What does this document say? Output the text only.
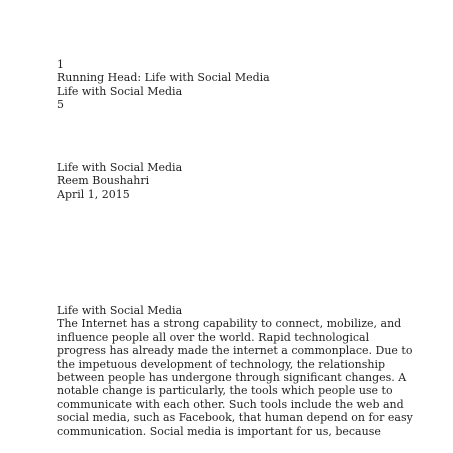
1
Running Head: Life with Social Media
Life with Social Media
5
Life with Social Media
Reem Boushahri
April 1, 2015
Life with Social Media
The Internet has a strong capability to connect, mobilize, and
influence people all over the world. Rapid technological
progress has already made the internet a commonplace. Due to
the impetuous development of technology, the relationship
between people has undergone through significant changes. A
notable change is particularly, the tools which people use to
communicate with each other. Such tools include the web and
social media, such as Facebook, that human depend on for easy
communication. Social media is important for us, because
